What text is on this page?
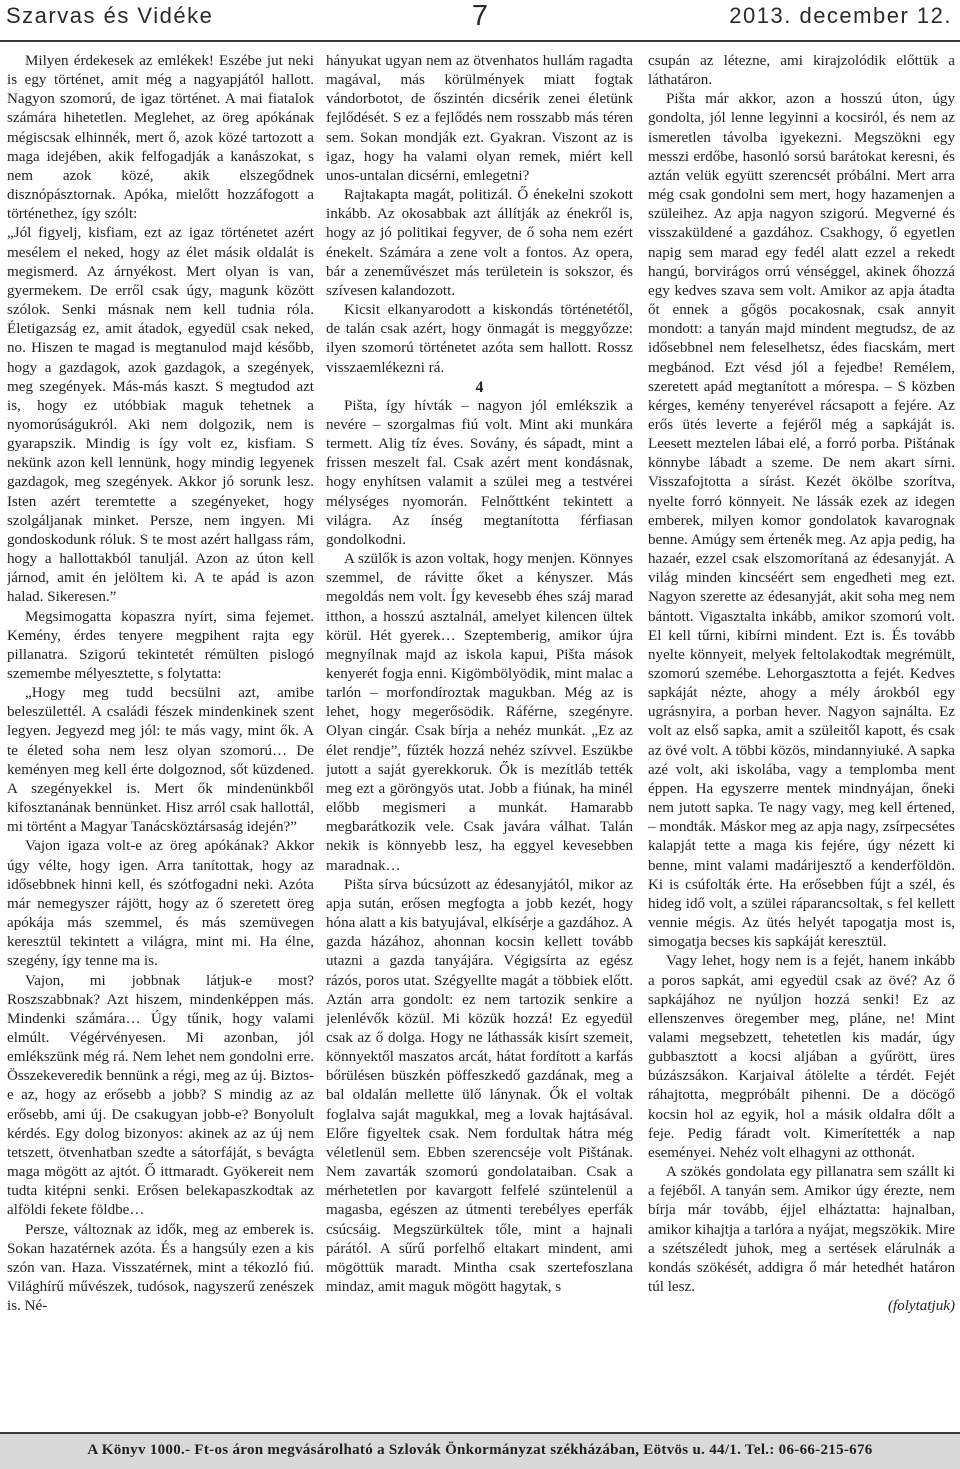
Szarvas és Vidéke	7	2013. december 12.

Milyen érdekesek az emlékek! Eszébe jut neki is egy történet, amit még a nagyapjától hallott. Nagyon szomorú, de igaz történet. A mai fiatalok számára hihetetlen. Meglehet, az öreg apókának mégiscsak elhinnék, mert ő, azok közé tartozott a maga idejében, akik felfogadják a kanászokat, s nem azok közé, akik elszegődnek disznópásztornak. Apóka, mielőtt hozzáfogott a történethez, így szólt:

„Jól figyelj, kisfiam, ezt az igaz történetet azért mesélem el neked, hogy az élet másik oldalát is megismerd. Az árnyékost. Mert olyan is van, gyermekem. De erről csak úgy, magunk között szólok. Senki másnak nem kell tudnia róla. Életigazság ez, amit átadok, egyedül csak neked, no. Hiszen te magad is megtanulod majd később, hogy a gazdagok, azok gazdagok, a szegények, meg szegények. Más-más kaszt. S megtudod azt is, hogy ez utóbbiak maguk tehetnek a nyomorúságukról. Aki nem dolgozik, nem is gyarapszik. Mindig is így volt ez, kisfiam. S nekünk azon kell lennünk, hogy mindig legyenek gazdagok, meg szegények. Akkor jó sorunk lesz. Isten azért teremtette a szegényeket, hogy szolgáljanak minket. Persze, nem ingyen. Mi gondoskodunk róluk. S te most azért hallgass rám, hogy a hallottakból tanuljál. Azon az úton kell járnod, amit én jelöltem ki. A te apád is azon halad. Sikeresen.”

Megsimogatta kopaszra nyírt, sima fejemet. Kemény, érdes tenyere megpihent rajta egy pillanatra. Szigorú tekintetét rémülten pislogó szemembe mélyesztette, s folytatta:

„Hogy meg tudd becsülni azt, amibe beleszülettél. A családi fészek mindenkinek szent legyen. Jegyezd meg jól: te más vagy, mint ők. A te életed soha nem lesz olyan szomorú… De keményen meg kell érte dolgoznod, sőt küzdened. A szegényekkel is. Mert ők mindenünkből kifosztanának bennünket. Hisz arról csak hallottál, mi történt a Magyar Tanácsköztársaság idején?”

Vajon igaza volt-e az öreg apókának? Akkor úgy vélte, hogy igen. Arra tanítottak, hogy az idősebbnek hinni kell, és szótfogadni neki. Azóta már nemegyszer rájött, hogy az ő szeretett öreg apókája más szemmel, és más szemüvegen keresztül tekintett a világra, mint mi. Ha élne, szegény, így tenne ma is.

Vajon, mi jobbnak látjuk-e most? Roszszabbnak? Azt hiszem, mindenképpen más. Mindenki számára… Úgy tűnik, hogy valami elmúlt. Végérvényesen. Mi azonban, jól emlékszünk még rá. Nem lehet nem gondolni erre. Összekeveredik bennünk a régi, meg az új. Biztos-e az, hogy az erősebb a jobb? S mindig az az erősebb, ami új. De csakugyan jobb-e? Bonyolult kérdés. Egy dolog bizonyos: akinek az az új nem tetszett, ötvenhatban szedte a sátorfáját, s bevágta maga mögött az ajtót. Ő ittmaradt. Gyökereit nem tudta kitépni senki. Erősen belekapaszkodtak az alföldi fekete földbe…

Persze, változnak az idők, meg az emberek is. Sokan hazatérnek azóta. És a hangsúly ezen a kis szón van. Haza. Visszatérnek, mint a tékozló fiú. Világhírű művészek, tudósok, nagyszerű zenészek is. Né-

hányukat ugyan nem az ötvenhatos hullám ragadta magával, más körülmények miatt fogtak vándorbotot, de őszintén dicsérik zenei életünk fejlődését. S ez a fejlődés nem rosszabb más téren sem. Sokan mondják ezt. Gyakran. Viszont az is igaz, hogy ha valami olyan remek, miért kell unos-untalan dicsérni, emlegetni?

Rajtakapta magát, politizál. Ő énekelni szokott inkább. Az okosabbak azt állítják az énekről is, hogy az jó politikai fegyver, de ő soha nem ezért énekelt. Számára a zene volt a fontos. Az opera, bár a zeneművészet más területein is sokszor, és szívesen kalandozott.

Kicsit elkanyarodott a kiskondás történetétől, de talán csak azért, hogy önmagát is meggyőzze: ilyen szomorú történetet azóta sem hallott. Rossz visszaemlékezni rá.

4

Pišta, így hívták – nagyon jól emlékszik a nevére – szorgalmas fiú volt. Mint aki munkára termett. Alig tíz éves. Sovány, és sápadt, mint a frissen meszelt fal. Csak azért ment kondásnak, hogy enyhítsen valamit a szülei meg a testvérei mélységes nyomorán. Felnőttként tekintett a világra. Az ínség megtanította férfiasan gondolkodni.

A szülők is azon voltak, hogy menjen. Könnyes szemmel, de rávitte őket a kényszer. Más megoldás nem volt. Így kevesebb éhes száj marad itthon, a hosszú asztalnál, amelyet kilencen ültek körül. Hét gyerek… Szeptemberig, amikor újra megnyílnak majd az iskola kapui, Pišta mások kenyerét fogja enni. Kigömbölyödik, mint malac a tarlón – morfondíroztak magukban. Még az is lehet, hogy megerősödik. Ráférne, szegényre. Olyan cingár. Csak bírja a nehéz munkát. „Ez az élet rendje”, fűzték hozzá nehéz szívvel. Eszükbe jutott a saját gyerekkoruk. Ők is mezítláb tették meg ezt a göröngyös utat. Jobb a fiúnak, ha minél előbb megismeri a munkát. Hamarabb megbarátkozik vele. Csak javára válhat. Talán nekik is könnyebb lesz, ha eggyel kevesebben maradnak…

Pišta sírva búcsúzott az édesanyjától, mikor az apja sután, erősen megfogta a jobb kezét, hogy hóna alatt a kis batyujával, elkísérje a gazdához. A gazda házához, ahonnan kocsin kellett tovább utazni a gazda tanyájára. Végigsírta az egész rázós, poros utat. Szégyellte magát a többiek előtt. Aztán arra gondolt: ez nem tartozik senkire a jelenlévők közül. Mi közük hozzá! Ez egyedül csak az ő dolga. Hogy ne láthassák kisírt szemeit, könnyektől maszatos arcát, hátat fordított a karfás bőrülésen büszkén pöffeszkedő gazdának, meg a bal oldalán mellette ülő lánynak. Ők el voltak foglalva saját magukkal, meg a lovak hajtásával. Előre figyeltek csak. Nem fordultak hátra még véletlenül sem. Ebben szerencséje volt Pištának. Nem zavarták szomorú gondolataiban. Csak a mérhetetlen por kavargott felfelé szüntelenül a magasba, egészen az útmenti terebélyes eperfák csúcsáig. Megszürkültek tőle, mint a hajnali párától. A sűrű porfelhő eltakart mindent, ami mögöttük maradt. Mintha csak szertefoszlana mindaz, amit maguk mögött hagytak, s

csupán az létezne, ami kirajzolódik előttük a láthatáron.

Pišta már akkor, azon a hosszú úton, úgy gondolta, jól lenne legyinni a kocsiról, és nem az ismeretlen távolba igyekezni. Megszökni egy messzi erdőbe, hasonló sorsú barátokat keresni, és aztán velük együtt szerencsét próbálni. Mert arra még csak gondolni sem mert, hogy hazamenjen a szüleihez. Az apja nagyon szigorú. Megverné és visszaküldené a gazdához. Csakhogy, ő egyetlen napig sem marad egy fedél alatt ezzel a rekedt hangú, borvirágos orrú vénséggel, akinek őhozzá egy kedves szava sem volt. Amikor az apja átadta őt ennek a gőgös pocakosnak, csak annyit mondott: a tanyán majd mindent megtudsz, de az idősebbnel nem feleselhetsz, édes fiacskám, mert megbánod. Ezt vésd jól a fejedbe! Remélem, szeretett apád megtanított a mórespa. – S közben kérges, kemény tenyerével rácsapott a fejére. Az erős ütés leverte a fejéről még a sapkáját is. Leesett meztelen lábai elé, a forró porba. Pištának könnybe lábadt a szeme. De nem akart sírni. Visszafojtotta a sírást. Kezét ökölbe szorítva, nyelte forró könnyeit. Ne lássák ezek az idegen emberek, milyen komor gondolatok kavarognak benne. Amúgy sem értenék meg. Az apja pedig, ha hazaér, ezzel csak elszomorítaná az édesanyját. A világ minden kincséért sem engedheti meg ezt. Nagyon szerette az édesanyját, akit soha meg nem bántott. Vigasztalta inkább, amikor szomorú volt. El kell tűrni, kibírni mindent. Ezt is. És tovább nyelte könnyeit, melyek feltolakodtak megrémült, szomorú szemébe. Lehorgasztotta a fejét. Kedves sapkáját nézte, ahogy a mély árokból egy ugrásnyira, a porban hever. Nagyon sajnálta. Ez volt az első sapka, amit a szüleitől kapott, és csak az övé volt. A többi közös, mindannyiuké. A sapka azé volt, aki iskolába, vagy a templomba ment éppen. Ha egyszerre mentek mindnyájan, őneki nem jutott sapka. Te nagy vagy, meg kell értened, – mondták. Máskor meg az apja nagy, zsírpecsétes kalapját tette a maga kis fejére, úgy nézett ki benne, mint valami madárijesztő a kenderföldön. Ki is csúfolták érte. Ha erősebben fújt a szél, és hideg idő volt, a szülei ráparancsoltak, s fel kellett vennie mégis. Az ütés helyét tapogatja most is, simogatja becses kis sapkáját keresztül.

Vagy lehet, hogy nem is a fejét, hanem inkább a poros sapkát, ami egyedül csak az övé? Az ő sapkájához ne nyúljon hozzá senki! Ez az ellenszenves öregember meg, pláne, ne! Mint valami megsebzett, tehetetlen kis madár, úgy gubbasztott a kocsi aljában a gyűrött, üres búzászsákon. Karjaival átölelte a térdét. Fejét ráhajtotta, megpróbált pihenni. De a döcögő kocsin hol az egyik, hol a másik oldalra dőlt a feje. Pedig fáradt volt. Kimerítették a nap eseményei. Nehéz volt elhagyni az otthonát.

A szökés gondolata egy pillanatra sem szállt ki a fejéből. A tanyán sem. Amikor úgy érezte, nem bírja már tovább, éjjel elháztatta: hajnalban, amikor kihajtja a tarlóra a nyájat, megszökik. Mire a szétszéledt juhok, meg a sertések elárulnák a kondás szökését, addigra ő már hetedhét határon túl lesz.

(folytatjuk)

A Könyv 1000.- Ft-os áron megvásárolható a Szlovák Önkormányzat székházában, Eötvös u. 44/1. Tel.: 06-66-215-676
